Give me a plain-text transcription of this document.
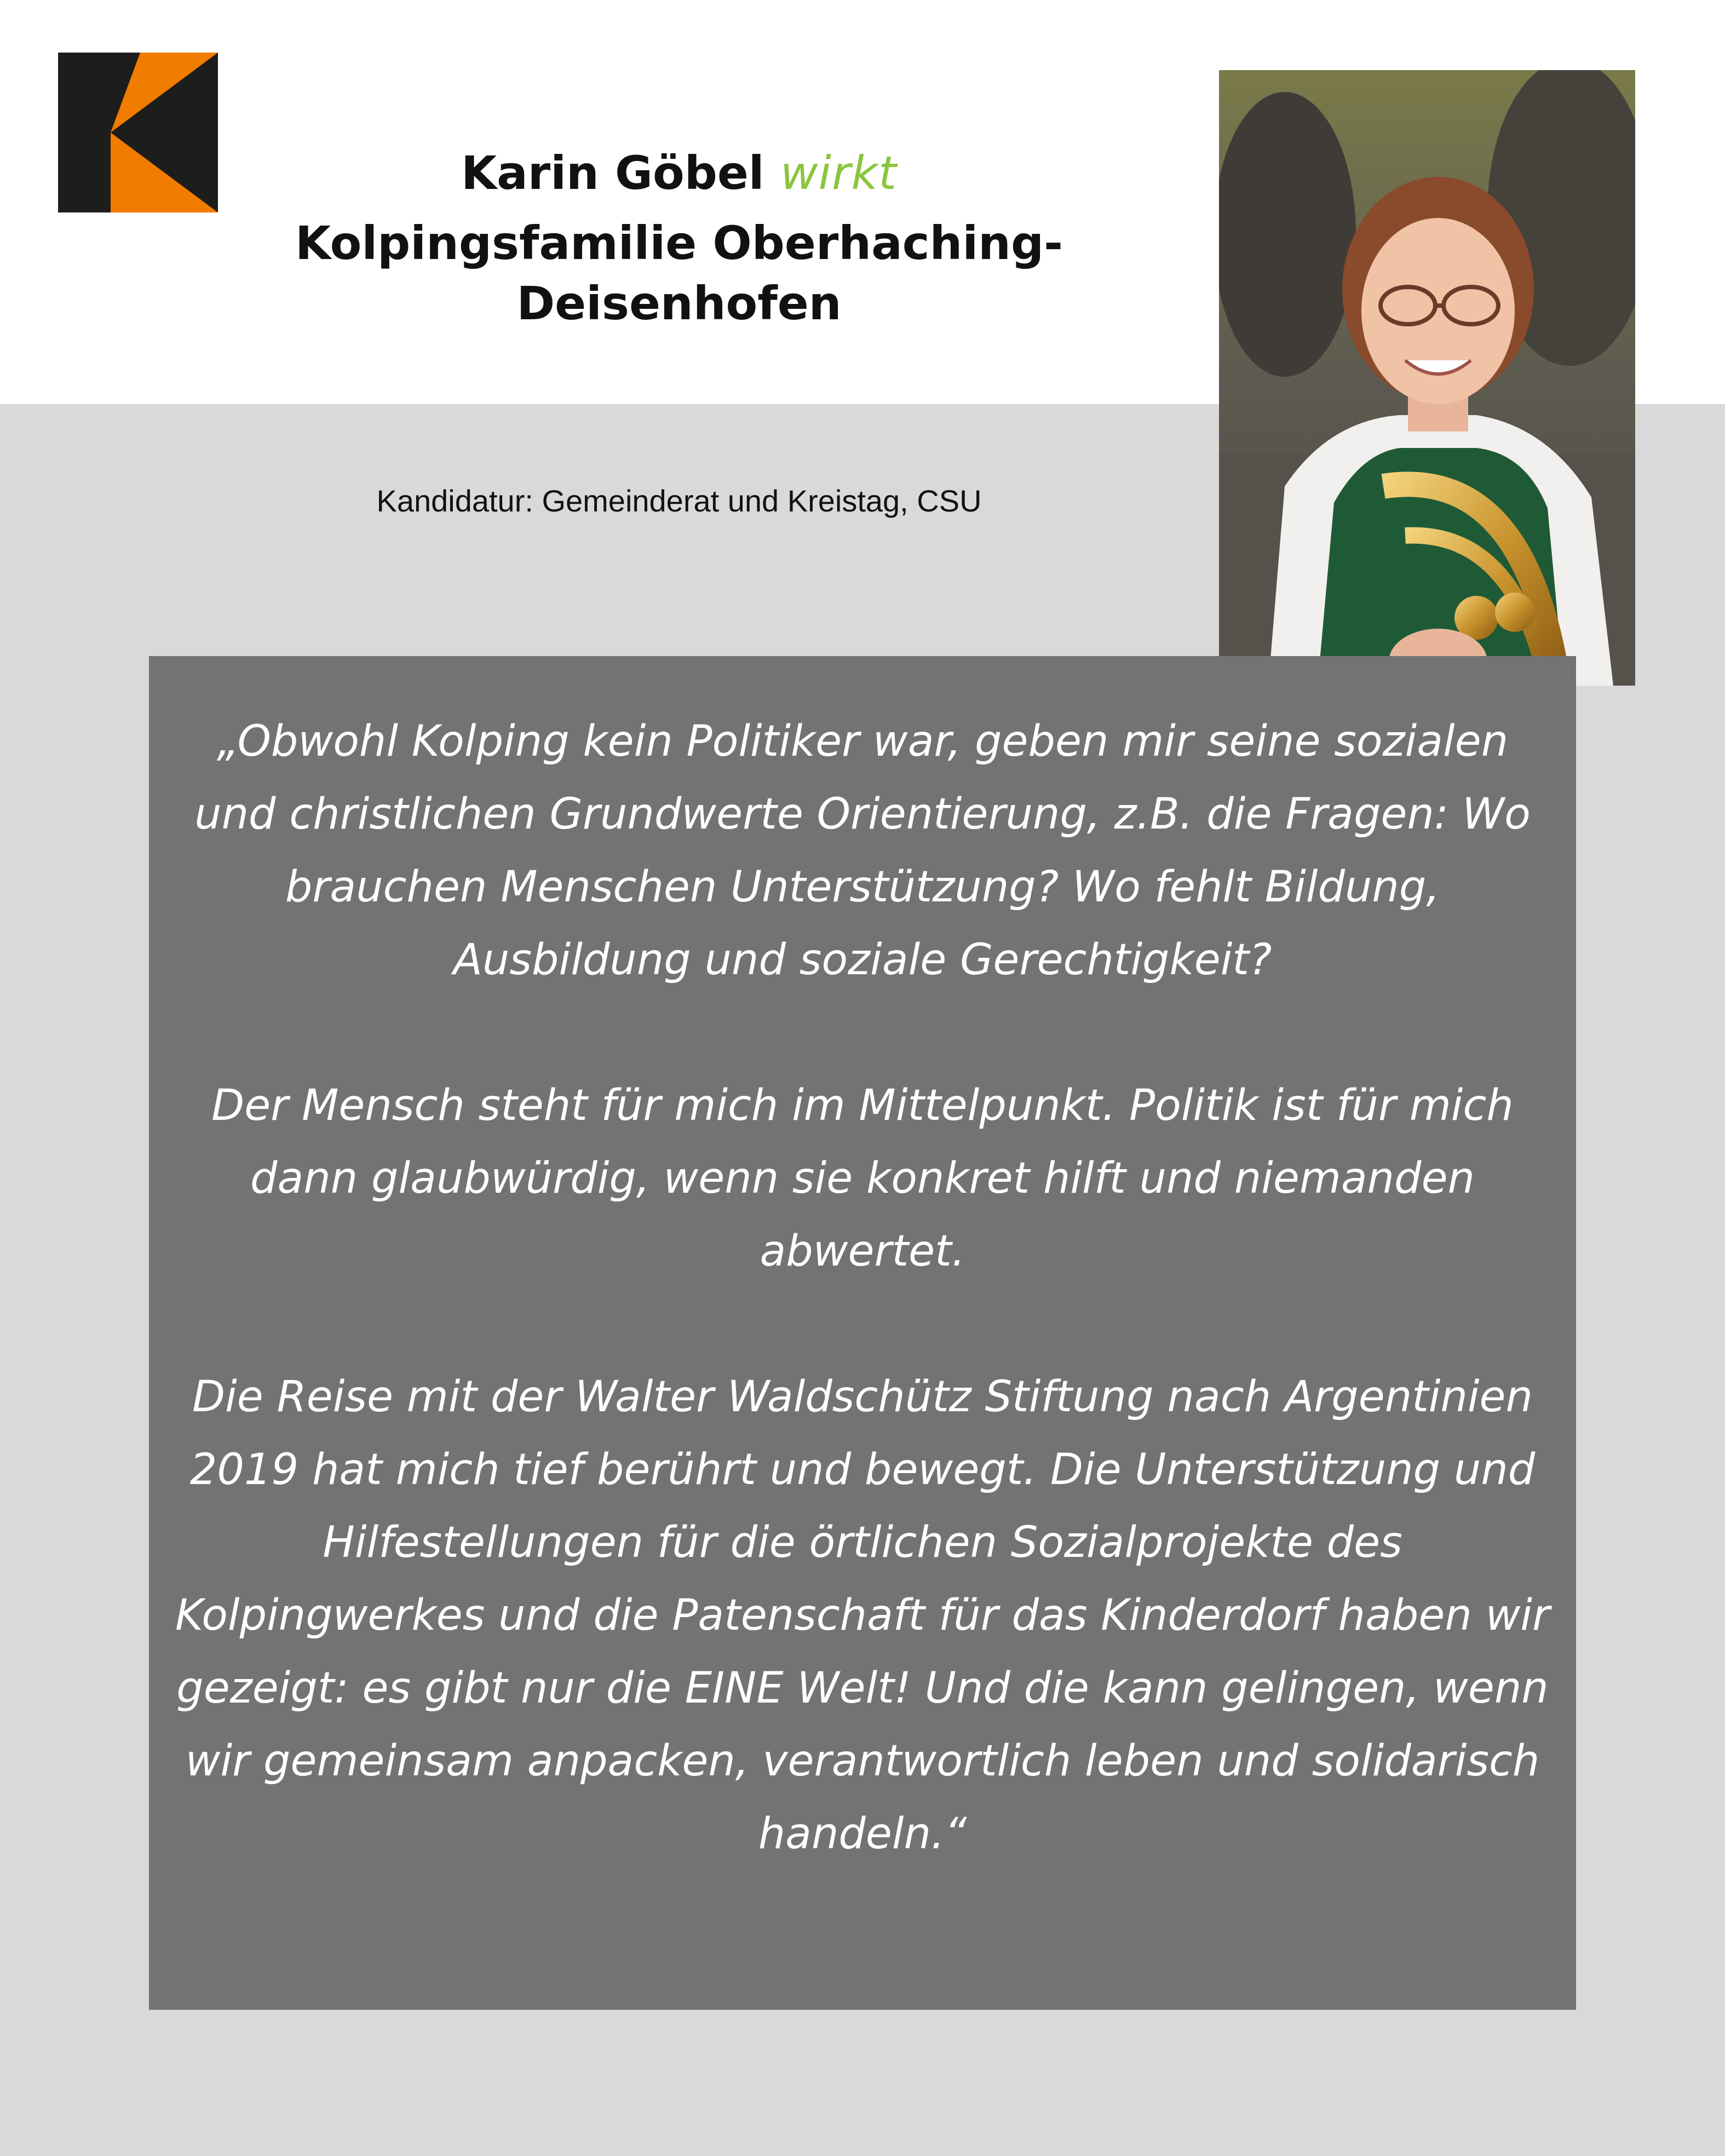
Karin Göbel wirkt

Kolpingsfamilie Oberhaching-Deisenhofen

Kandidatur: Gemeinderat und Kreistag, CSU

„Obwohl Kolping kein Politiker war, geben mir seine sozialen und christlichen Grundwerte Orientierung, z.B. die Fragen: Wo brauchen Menschen Unterstützung? Wo fehlt Bildung, Ausbildung und soziale Gerechtigkeit?

Der Mensch steht für mich im Mittelpunkt. Politik ist für mich dann glaubwürdig, wenn sie konkret hilft und niemanden abwertet.

Die Reise mit der Walter Waldschütz Stiftung nach Argentinien 2019 hat mich tief berührt und bewegt. Die Unterstützung und Hilfestellungen für die örtlichen Sozialprojekte des Kolpingwerkes und die Patenschaft für das Kinderdorf haben wir gezeigt: es gibt nur die EINE Welt! Und die kann gelingen, wenn wir gemeinsam anpacken, verantwortlich leben und solidarisch handeln.“
